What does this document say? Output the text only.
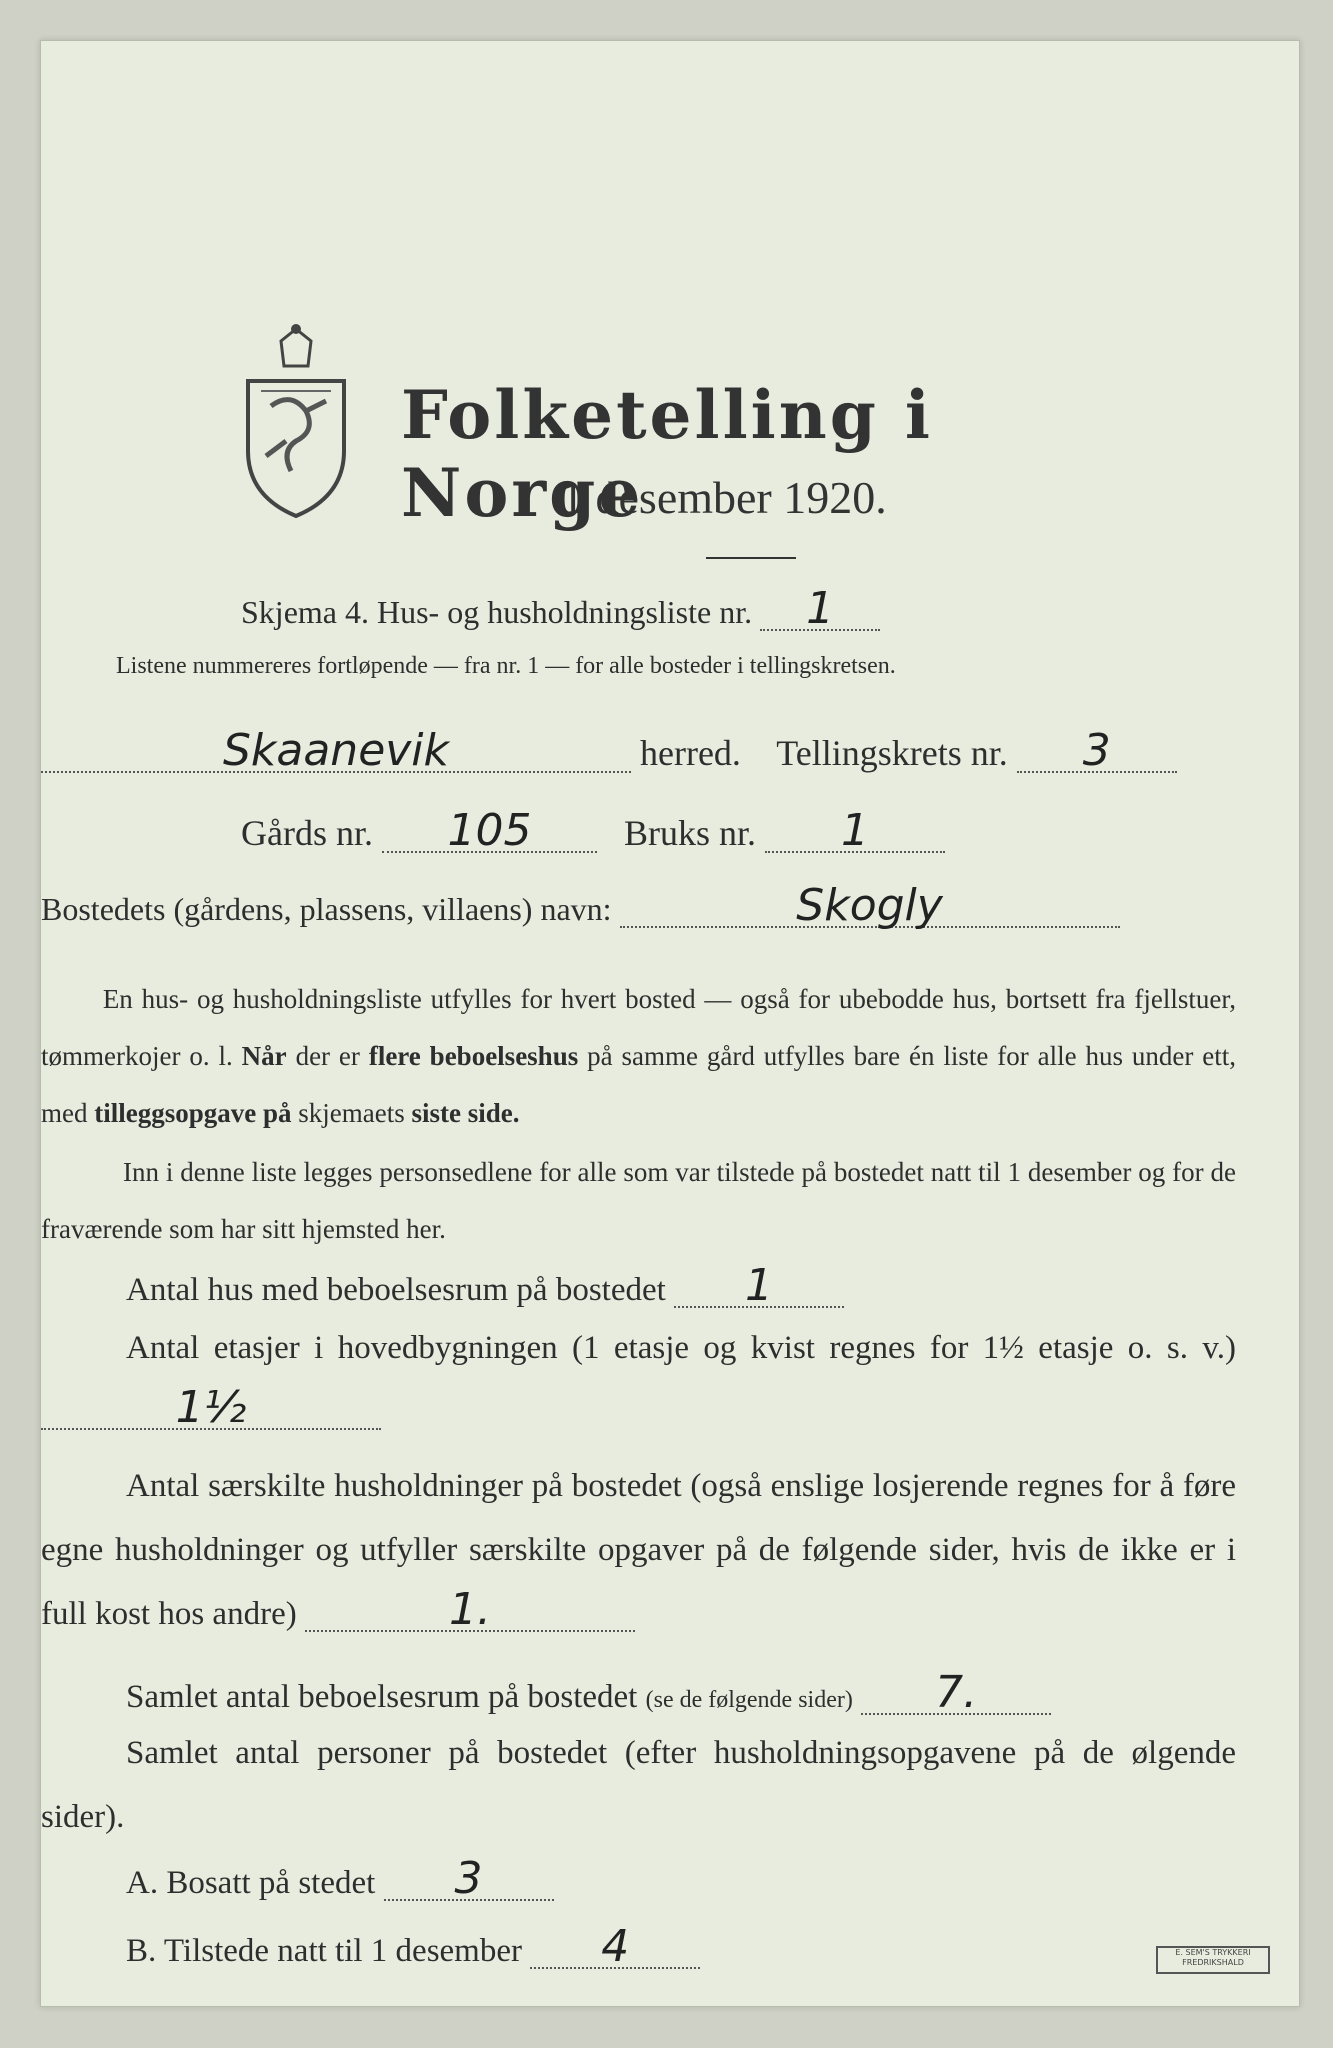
Folketelling i Norge
1 desember 1920.
Skjema 4. Hus- og husholdningsliste nr. 1
Listene nummereres fortløpende — fra nr. 1 — for alle bosteder i tellingskretsen.
Skaanevik	herred. Tellingskrets nr. 3
Gårds nr. 105	Bruks nr. 1
Bostedets (gårdens, plassens, villaens) navn:	Skogly
En hus- og husholdningsliste utfylles for hvert bosted — også for ubebodde hus, bortsett fra fjellstuer, tømmerkojer o. l. Når der er flere beboelseshus på samme gård utfylles bare én liste for alle hus under ett, med tilleggsopgave på skjemaets siste side.
Inn i denne liste legges personsedlene for alle som var tilstede på bostedet natt til 1 desember og for de fraværende som har sitt hjemsted her.
Antal hus med beboelsesrum på bostedet 1
Antal etasjer i hovedbygningen (1 etasje og kvist regnes for 1½ etasje o. s. v.) 1½
Antal særskilte husholdninger på bostedet (også enslige losjerende regnes for å føre egne husholdninger og utfyller særskilte opgaver på de følgende sider, hvis de ikke er i full kost hos andre)	1.
Samlet antal beboelsesrum på bostedet (se de følgende sider) 7.
Samlet antal personer på bostedet (efter husholdningsopgavene på de ølgende sider).
A. Bosatt på stedet 3
B. Tilstede natt til 1 desember 4	E. SEM'S TRYKKERI FREDRIKSHALD
